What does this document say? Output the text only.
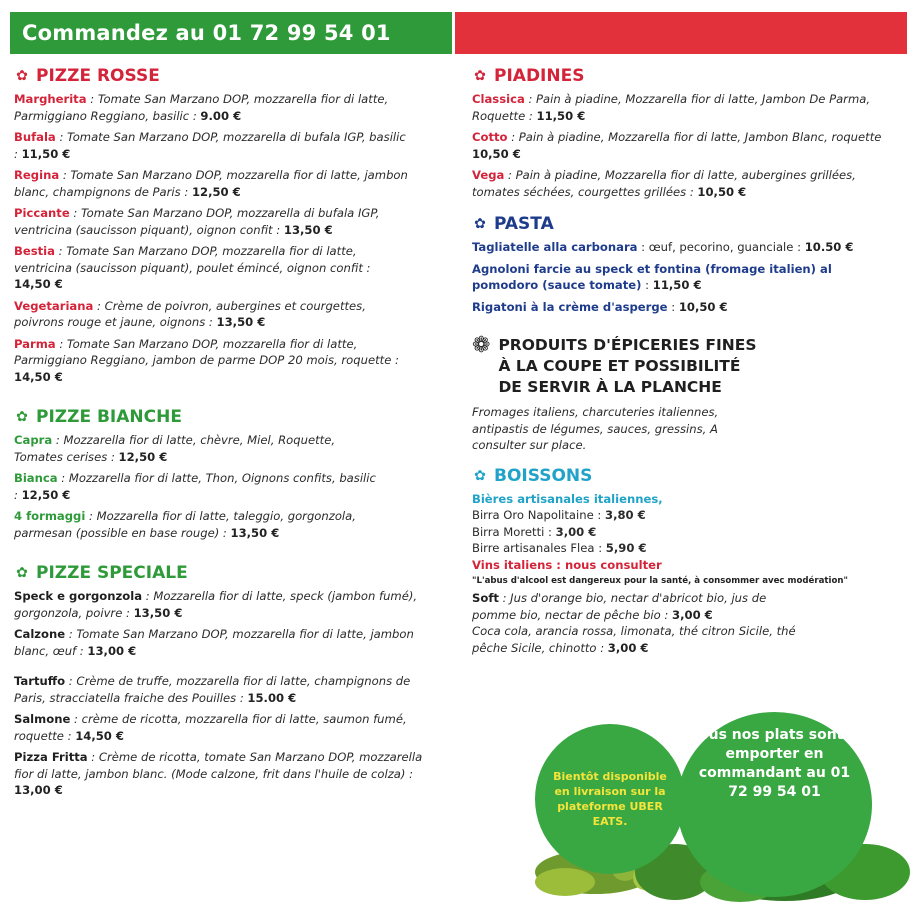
Commandez au 01 72 99 54 01
✿ PIZZE ROSSE
Margherita : Tomate San Marzano DOP, mozzarella fior di latte, Parmiggiano Reggiano, basilic : 9.00 €
Bufala : Tomate San Marzano DOP, mozzarella di bufala IGP, basilic : 11,50 €
Regina : Tomate San Marzano DOP, mozzarella fior di latte, jambon blanc, champignons de Paris : 12,50 €
Piccante : Tomate San Marzano DOP, mozzarella di bufala IGP, ventricina (saucisson piquant), oignon confit : 13,50 €
Bestia : Tomate San Marzano DOP, mozzarella fior di latte, ventricina (saucisson piquant), poulet émincé, oignon confit : 14,50 €
Vegetariana : Crème de poivron, aubergines et courgettes, poivrons rouge et jaune, oignons : 13,50 €
Parma : Tomate San Marzano DOP, mozzarella fior di latte, Parmiggiano Reggiano, jambon de parme DOP 20 mois, roquette : 14,50 €
✿ PIZZE BIANCHE
Capra : Mozzarella fior di latte, chèvre, Miel, Roquette, Tomates cerises : 12,50 €
Bianca : Mozzarella fior di latte, Thon, Oignons confits, basilic : 12,50 €
4 formaggi : Mozzarella fior di latte, taleggio, gorgonzola, parmesan (possible en base rouge) : 13,50 €
✿ PIZZE SPECIALE
Speck e gorgonzola : Mozzarella fior di latte, speck (jambon fumé), gorgonzola, poivre : 13,50 €
Calzone : Tomate San Marzano DOP, mozzarella fior di latte, jambon blanc, œuf : 13,00 €
Tartuffo : Crème de truffe, mozzarella fior di latte, champignons de Paris, stracciatella fraiche des Pouilles : 15.00 €
Salmone : crème de ricotta, mozzarella fior di latte, saumon fumé, roquette : 14,50 €
Pizza Fritta : Crème de ricotta, tomate San Marzano DOP, mozzarella fior di latte, jambon blanc. (Mode calzone, frit dans l'huile de colza) : 13,00 €
✿ PIADINES
Classica : Pain à piadine, Mozzarella fior di latte, Jambon De Parma, Roquette : 11,50 €
Cotto : Pain à piadine, Mozzarella fior di latte, Jambon Blanc, roquette 10,50 €
Vega : Pain à piadine, Mozzarella fior di latte, aubergines grillées, tomates séchées, courgettes grillées : 10,50 €
✿ PASTA
Tagliatelle alla carbonara : œuf, pecorino, guanciale : 10.50 €
Agnoloni farcie au speck et fontina (fromage italien) al pomodoro (sauce tomate) : 11,50 €
Rigatoni à la crème d'asperge : 10,50 €
❁ PRODUITS D'ÉPICERIES FINES
À LA COUPE ET POSSIBILITÉ
DE SERVIR À LA PLANCHE
Fromages italiens, charcuteries italiennes, antipastis de légumes, sauces, gressins, A consulter sur place.
✿ BOISSONS
Bières artisanales italiennes,
Birra Oro Napolitaine : 3,80 €
Birra Moretti : 3,00 €
Birre artisanales Flea : 5,90 €
Vins italiens : nous consulter
"L'abus d'alcool est dangereux pour la santé, à consommer avec modération"
Soft : Jus d'orange bio, nectar d'abricot bio, jus de pomme bio, nectar de pêche bio : 3,00 €
Coca cola, arancia rossa, limonata, thé citron Sicile, thé pêche Sicile, chinotto : 3,00 €
Bientôt disponible en livraison sur la plateforme UBER EATS.
Tous nos plats sont à emporter en commandant au 01 72 99 54 01
